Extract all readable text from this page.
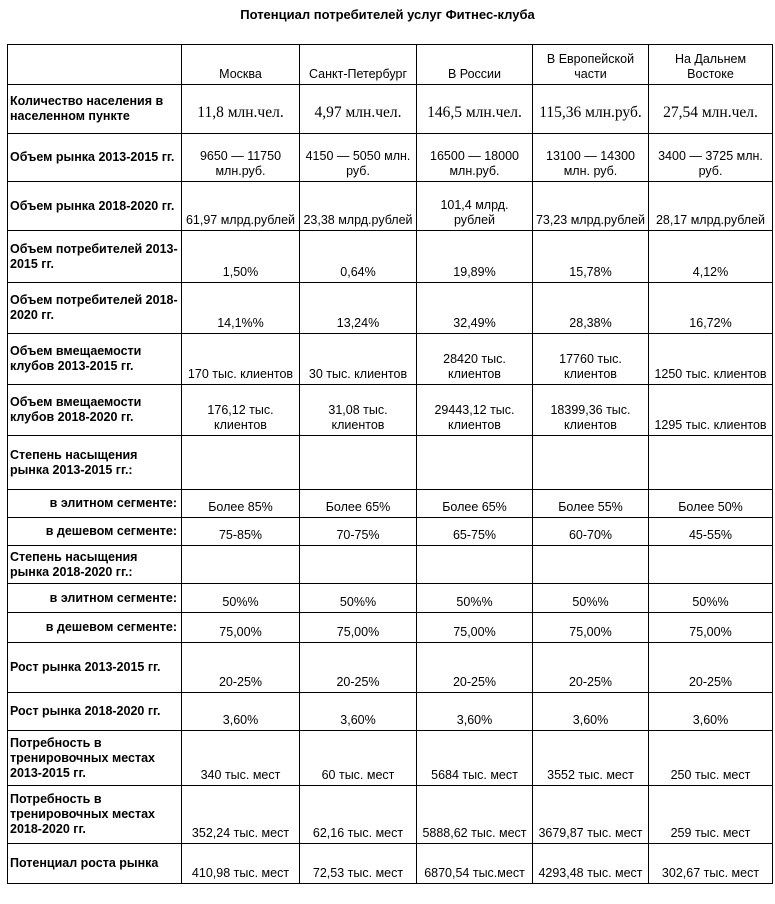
Потенциал потребителей услуг Фитнес-клуба
	Москва	Санкт-Петербург	В России	В Европейской части	На Дальнем Востоке
Количество населения в населенном пункте	11,8 млн.чел.	4,97 млн.чел.	146,5 млн.чел.	115,36 млн.руб.	27,54 млн.чел.
Объем рынка 2013-2015 гг.	9650 — 11750 млн.руб.	4150 — 5050 млн. руб.	16500 — 18000 млн.руб.	13100 — 14300 млн. руб.	3400 — 3725 млн. руб.
Объем рынка 2018-2020 гг.	61,97 млрд.рублей	23,38 млрд.рублей	101,4 млрд. рублей	73,23 млрд.рублей	28,17 млрд.рублей
Объем потребителей 2013-2015 гг.	1,50%	0,64%	19,89%	15,78%	4,12%
Объем потребителей 2018-2020 гг.	14,1%%	13,24%	32,49%	28,38%	16,72%
Объем вмещаемости клубов 2013-2015 гг.	170 тыс. клиентов	30 тыс. клиентов	28420 тыс. клиентов	17760 тыс. клиентов	1250 тыс. клиентов
Объем вмещаемости клубов 2018-2020 гг.	176,12 тыс. клиентов	31,08 тыс. клиентов	29443,12 тыс. клиентов	18399,36 тыс. клиентов	1295 тыс. клиентов
Степень насыщения рынка 2013-2015 гг.:					
в элитном сегменте:	Более 85%	Более 65%	Более 65%	Более 55%	Более 50%
в дешевом сегменте:	75-85%	70-75%	65-75%	60-70%	45-55%
Степень насыщения рынка 2018-2020 гг.:					
в элитном сегменте:	50%%	50%%	50%%	50%%	50%%
в дешевом сегменте:	75,00%	75,00%	75,00%	75,00%	75,00%
Рост рынка 2013-2015 гг.	20-25%	20-25%	20-25%	20-25%	20-25%
Рост рынка 2018-2020 гг.	3,60%	3,60%	3,60%	3,60%	3,60%
Потребность в тренировочных местах 2013-2015 гг.	340 тыс. мест	60 тыс. мест	5684 тыс. мест	3552 тыс. мест	250 тыс. мест
Потребность в тренировочных местах 2018-2020 гг.	352,24 тыс. мест	62,16 тыс. мест	5888,62 тыс. мест	3679,87 тыс. мест	259 тыс. мест
Потенциал роста рынка	410,98 тыс. мест	72,53 тыс. мест	6870,54 тыс.мест	4293,48 тыс. мест	302,67 тыс. мест
